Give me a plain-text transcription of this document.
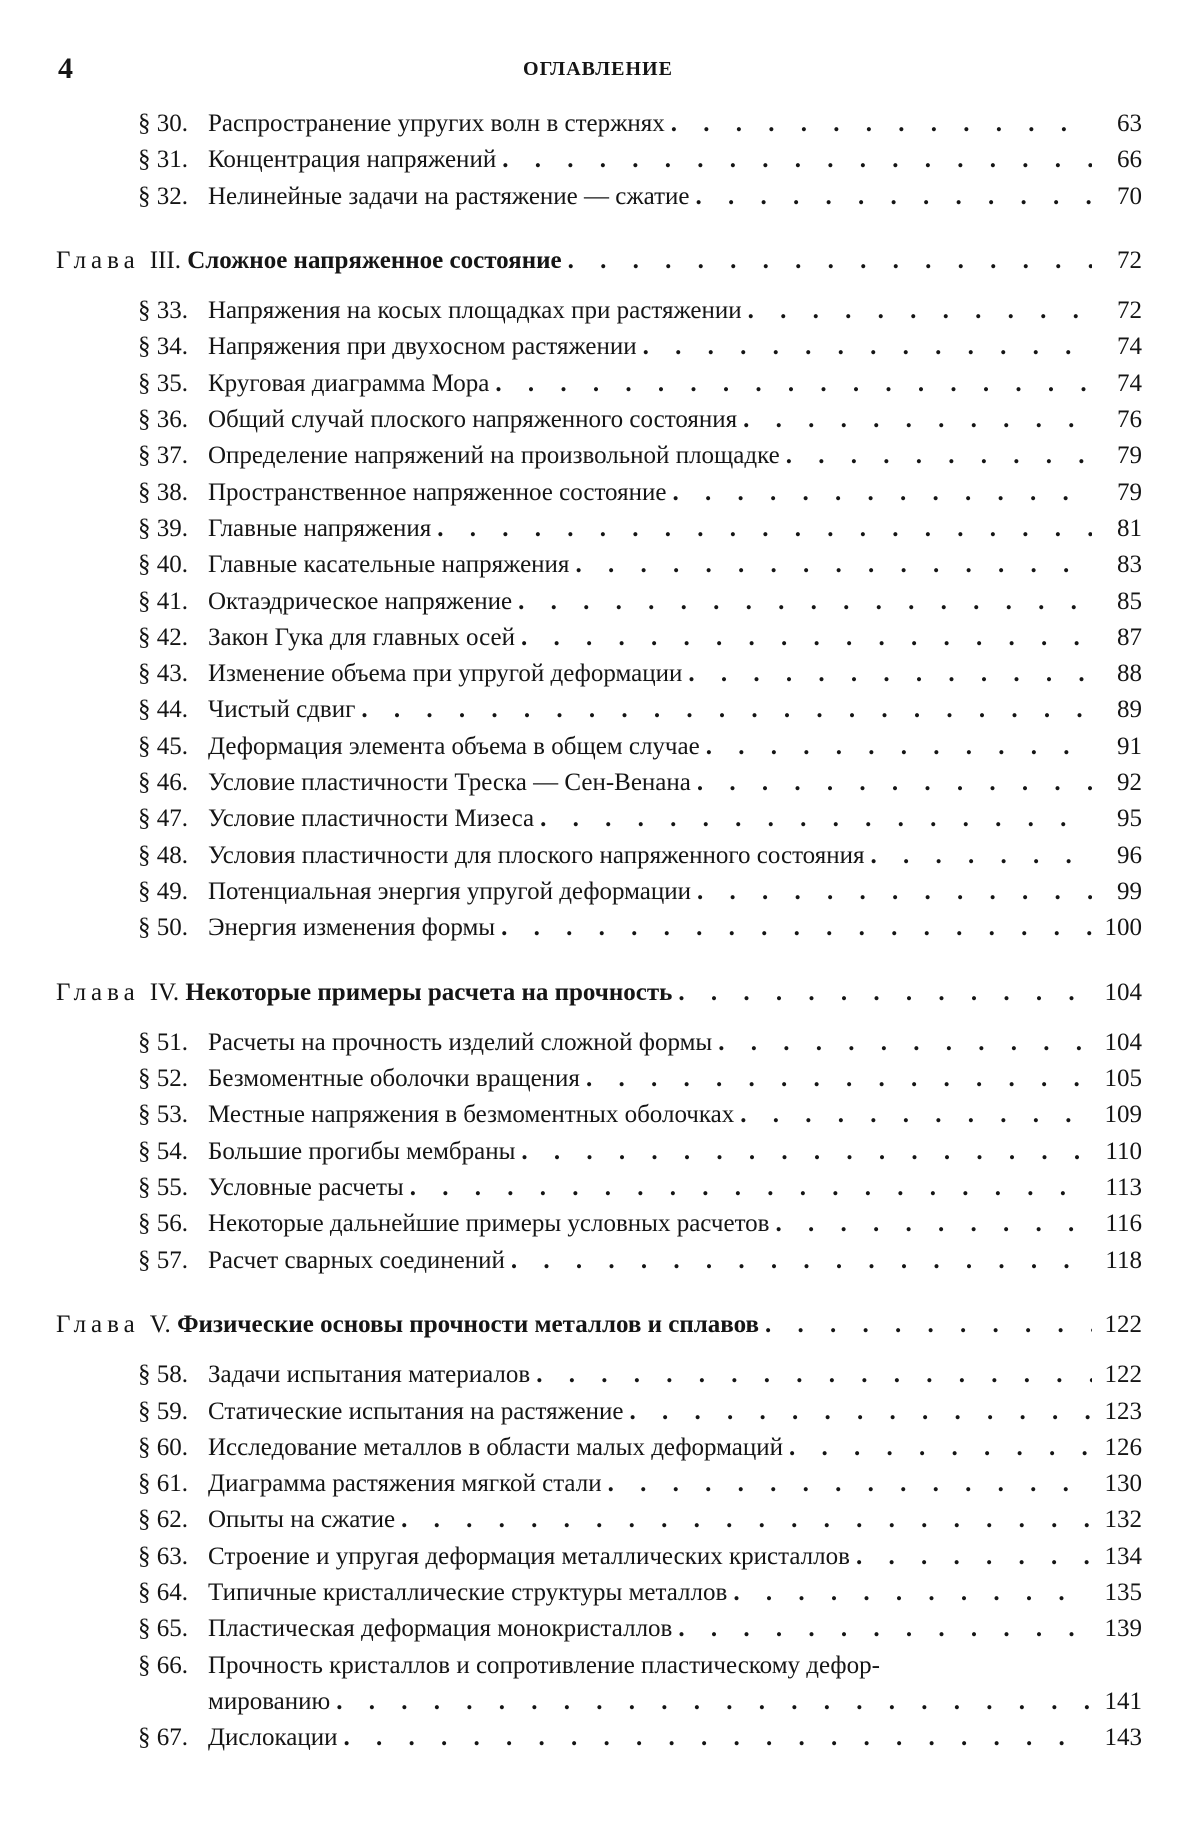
4	ОГЛАВЛЕНИЕ
§ 30. Распространение упругих волн в стержнях . . .	63
§ 31. Концентрация напряжений . . .	66
§ 32. Нелинейные задачи на растяжение — сжатие . . .	70
Глава III. Сложное напряженное состояние . . .	72
§ 33. Напряжения на косых площадках при растяжении . . .	72
§ 34. Напряжения при двухосном растяжении . . .	74
§ 35. Круговая диаграмма Мора . . .	74
§ 36. Общий случай плоского напряженного состояния . . .	76
§ 37. Определение напряжений на произвольной площадке . . .	79
§ 38. Пространственное напряженное состояние . . .	79
§ 39. Главные напряжения . . .	81
§ 40. Главные касательные напряжения . . .	83
§ 41. Октаэдрическое напряжение . . .	85
§ 42. Закон Гука для главных осей . . .	87
§ 43. Изменение объема при упругой деформации . . .	88
§ 44. Чистый сдвиг . . .	89
§ 45. Деформация элемента объема в общем случае . . .	91
§ 46. Условие пластичности Треска — Сен-Венана . . .	92
§ 47. Условие пластичности Мизеса . . .	95
§ 48. Условия пластичности для плоского напряженного состояния . . .	96
§ 49. Потенциальная энергия упругой деформации . . .	99
§ 50. Энергия изменения формы . . .	100
Глава IV. Некоторые примеры расчета на прочность . . .	104
§ 51. Расчеты на прочность изделий сложной формы . . .	104
§ 52. Безмоментные оболочки вращения . . .	105
§ 53. Местные напряжения в безмоментных оболочках . . .	109
§ 54. Большие прогибы мембраны . . .	110
§ 55. Условные расчеты . . .	113
§ 56. Некоторые дальнейшие примеры условных расчетов . . .	116
§ 57. Расчет сварных соединений . . .	118
Глава V. Физические основы прочности металлов и сплавов . . .	122
§ 58. Задачи испытания материалов . . .	122
§ 59. Статические испытания на растяжение . . .	123
§ 60. Исследование металлов в области малых деформаций . . .	126
§ 61. Диаграмма растяжения мягкой стали . . .	130
§ 62. Опыты на сжатие . . .	132
§ 63. Строение и упругая деформация металлических кристаллов . . .	134
§ 64. Типичные кристаллические структуры металлов . . .	135
§ 65. Пластическая деформация монокристаллов . . .	139
§ 66. Прочность кристаллов и сопротивление пластическому дефор-
мированию . . .	141
§ 67. Дислокации . . .	143
